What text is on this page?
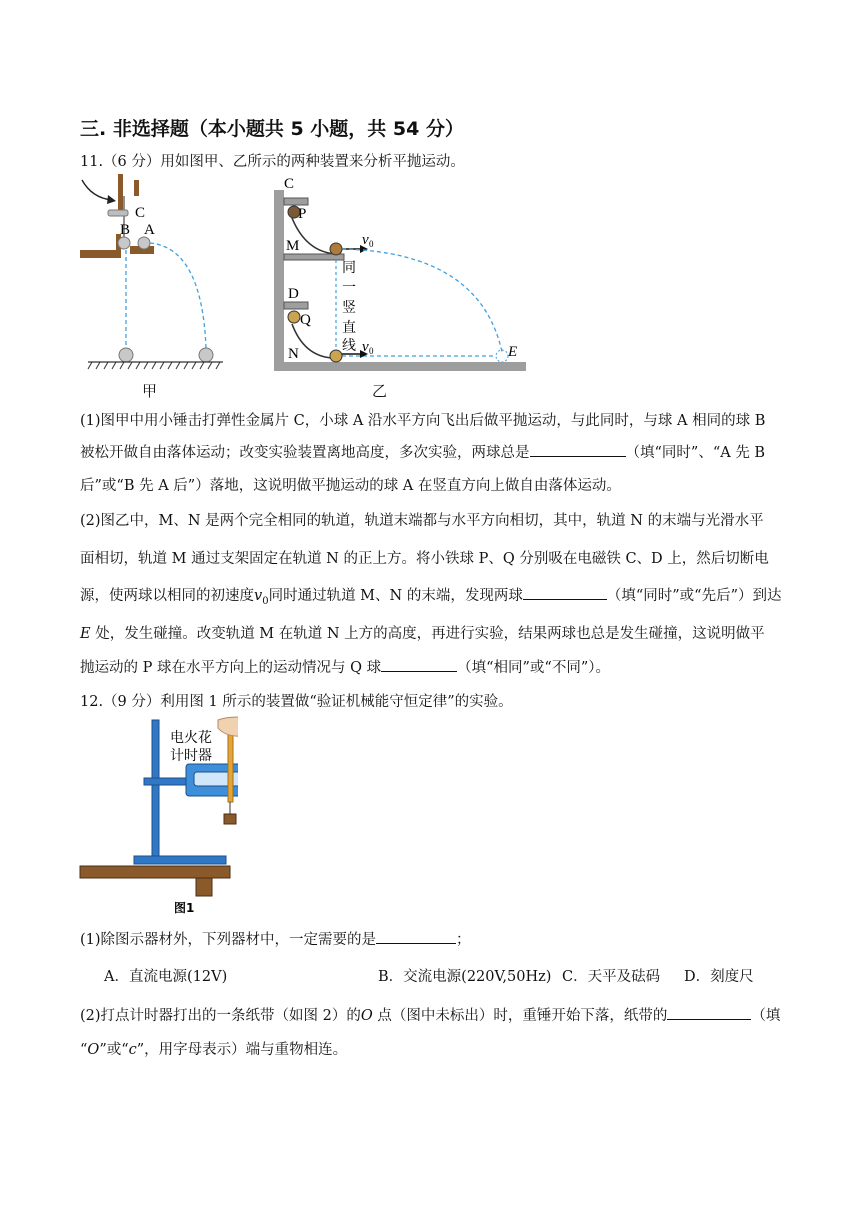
三. 非选择题（本小题共 5 小题，共 54 分）
11.（6 分）用如图甲、乙所示的两种装置来分析平抛运动。
C
B A
甲
C
P
M
D
Q
N	E
v 0
v 0
同
一
竖
直
线
乙
(1)图甲中用小锤击打弹性金属片 C，小球 A 沿水平方向飞出后做平抛运动，与此同时，与球 A 相同的球 B
被松开做自由落体运动；改变实验装置离地高度，多次实验，两球总是	（填“同时”、“A 先 B
后”或“B 先 A 后”）落地，这说明做平抛运动的球 A 在竖直方向上做自由落体运动。
(2)图乙中，M、N 是两个完全相同的轨道，轨道末端都与水平方向相切，其中，轨道 N 的末端与光滑水平
面相切，轨道 M 通过支架固定在轨道 N 的正上方。将小铁球 P、Q 分别吸在电磁铁 C、D 上，然后切断电
源，使两球以相同的初速度$v_0$同时通过轨道 M、N 的末端，发现两球	（填“同时”或“先后”）到达
E 处，发生碰撞。改变轨道 M 在轨道 N 上方的高度，再进行实验，结果两球也总是发生碰撞，这说明做平
抛运动的 P 球在水平方向上的运动情况与 Q 球	（填“相同”或“不同”）。
12.（9 分）利用图 1 所示的装置做“验证机械能守恒定律”的实验。
电火花
计时器
图1
(1)除图示器材外，下列器材中，一定需要的是	；
A．直流电源(12V)	B．交流电源(220V,50Hz) C．天平及砝码 D．刻度尺
(2)打点计时器打出的一条纸带（如图 2）的O 点（图中未标出）时，重锤开始下落，纸带的	（填
“O”或“c”，用字母表示）端与重物相连。
